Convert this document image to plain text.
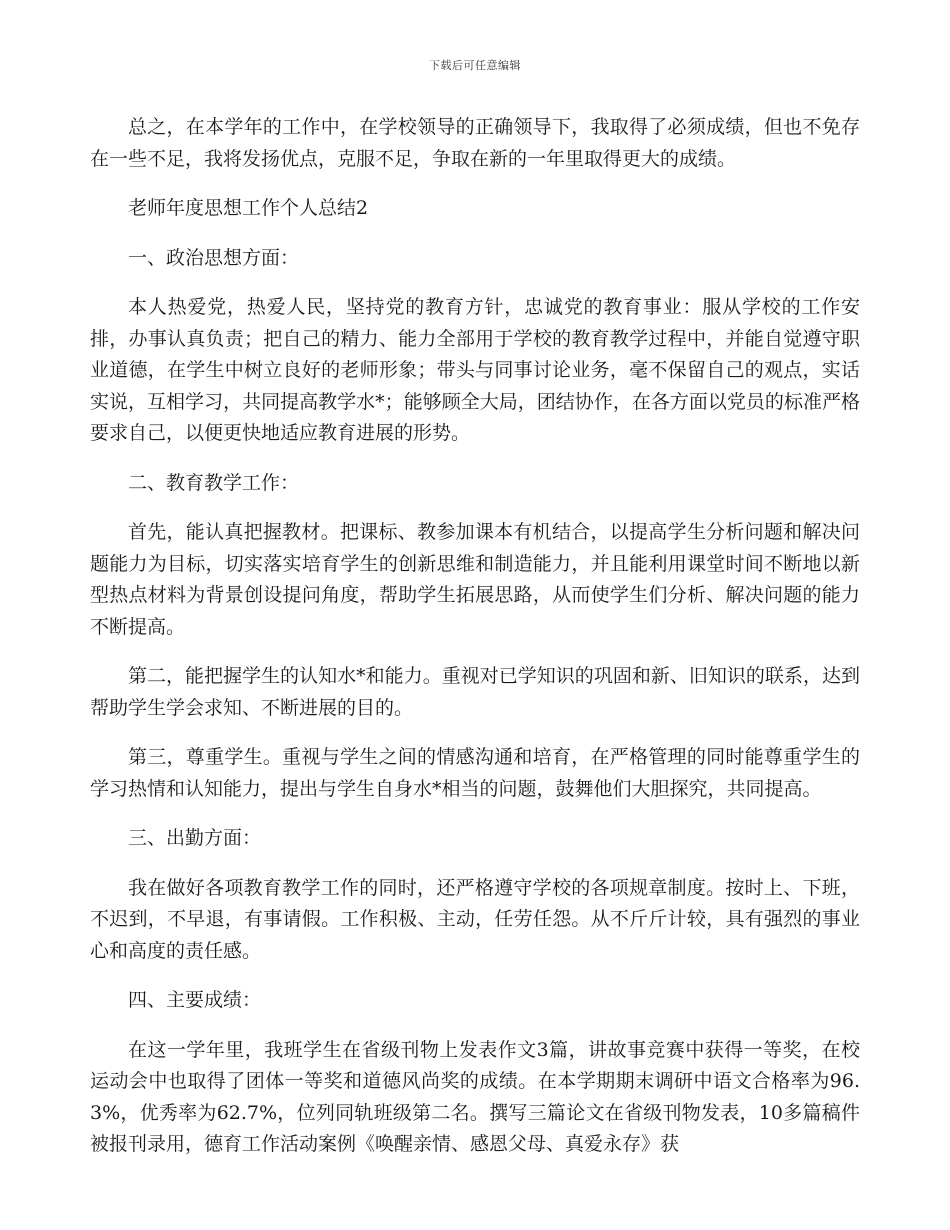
下载后可任意编辑

总之，在本学年的工作中，在学校领导的正确领导下，我取得了必须成绩，但也不免存在一些不足，我将发扬优点，克服不足，争取在新的一年里取得更大的成绩。

老师年度思想工作个人总结2

一、政治思想方面：

本人热爱党，热爱人民，坚持党的教育方针，忠诚党的教育事业：服从学校的工作安排，办事认真负责；把自己的精力、能力全部用于学校的教育教学过程中，并能自觉遵守职业道德，在学生中树立良好的老师形象；带头与同事讨论业务，毫不保留自己的观点，实话实说，互相学习，共同提高教学水*；能够顾全大局，团结协作，在各方面以党员的标准严格要求自己，以便更快地适应教育进展的形势。

二、教育教学工作：

首先，能认真把握教材。把课标、教参加课本有机结合，以提高学生分析问题和解决问题能力为目标，切实落实培育学生的创新思维和制造能力，并且能利用课堂时间不断地以新型热点材料为背景创设提问角度，帮助学生拓展思路，从而使学生们分析、解决问题的能力不断提高。

第二，能把握学生的认知水*和能力。重视对已学知识的巩固和新、旧知识的联系，达到帮助学生学会求知、不断进展的目的。

第三，尊重学生。重视与学生之间的情感沟通和培育，在严格管理的同时能尊重学生的学习热情和认知能力，提出与学生自身水*相当的问题，鼓舞他们大胆探究，共同提高。

三、出勤方面：

我在做好各项教育教学工作的同时，还严格遵守学校的各项规章制度。按时上、下班，不迟到，不早退，有事请假。工作积极、主动，任劳任怨。从不斤斤计较，具有强烈的事业心和高度的责任感。

四、主要成绩：

在这一学年里，我班学生在省级刊物上发表作文3篇，讲故事竞赛中获得一等奖，在校运动会中也取得了团体一等奖和道德风尚奖的成绩。在本学期期末调研中语文合格率为96.3%，优秀率为62.7%，位列同轨班级第二名。撰写三篇论文在省级刊物发表，10多篇稿件被报刊录用，德育工作活动案例《唤醒亲情、感恩父母、真爱永存》获
